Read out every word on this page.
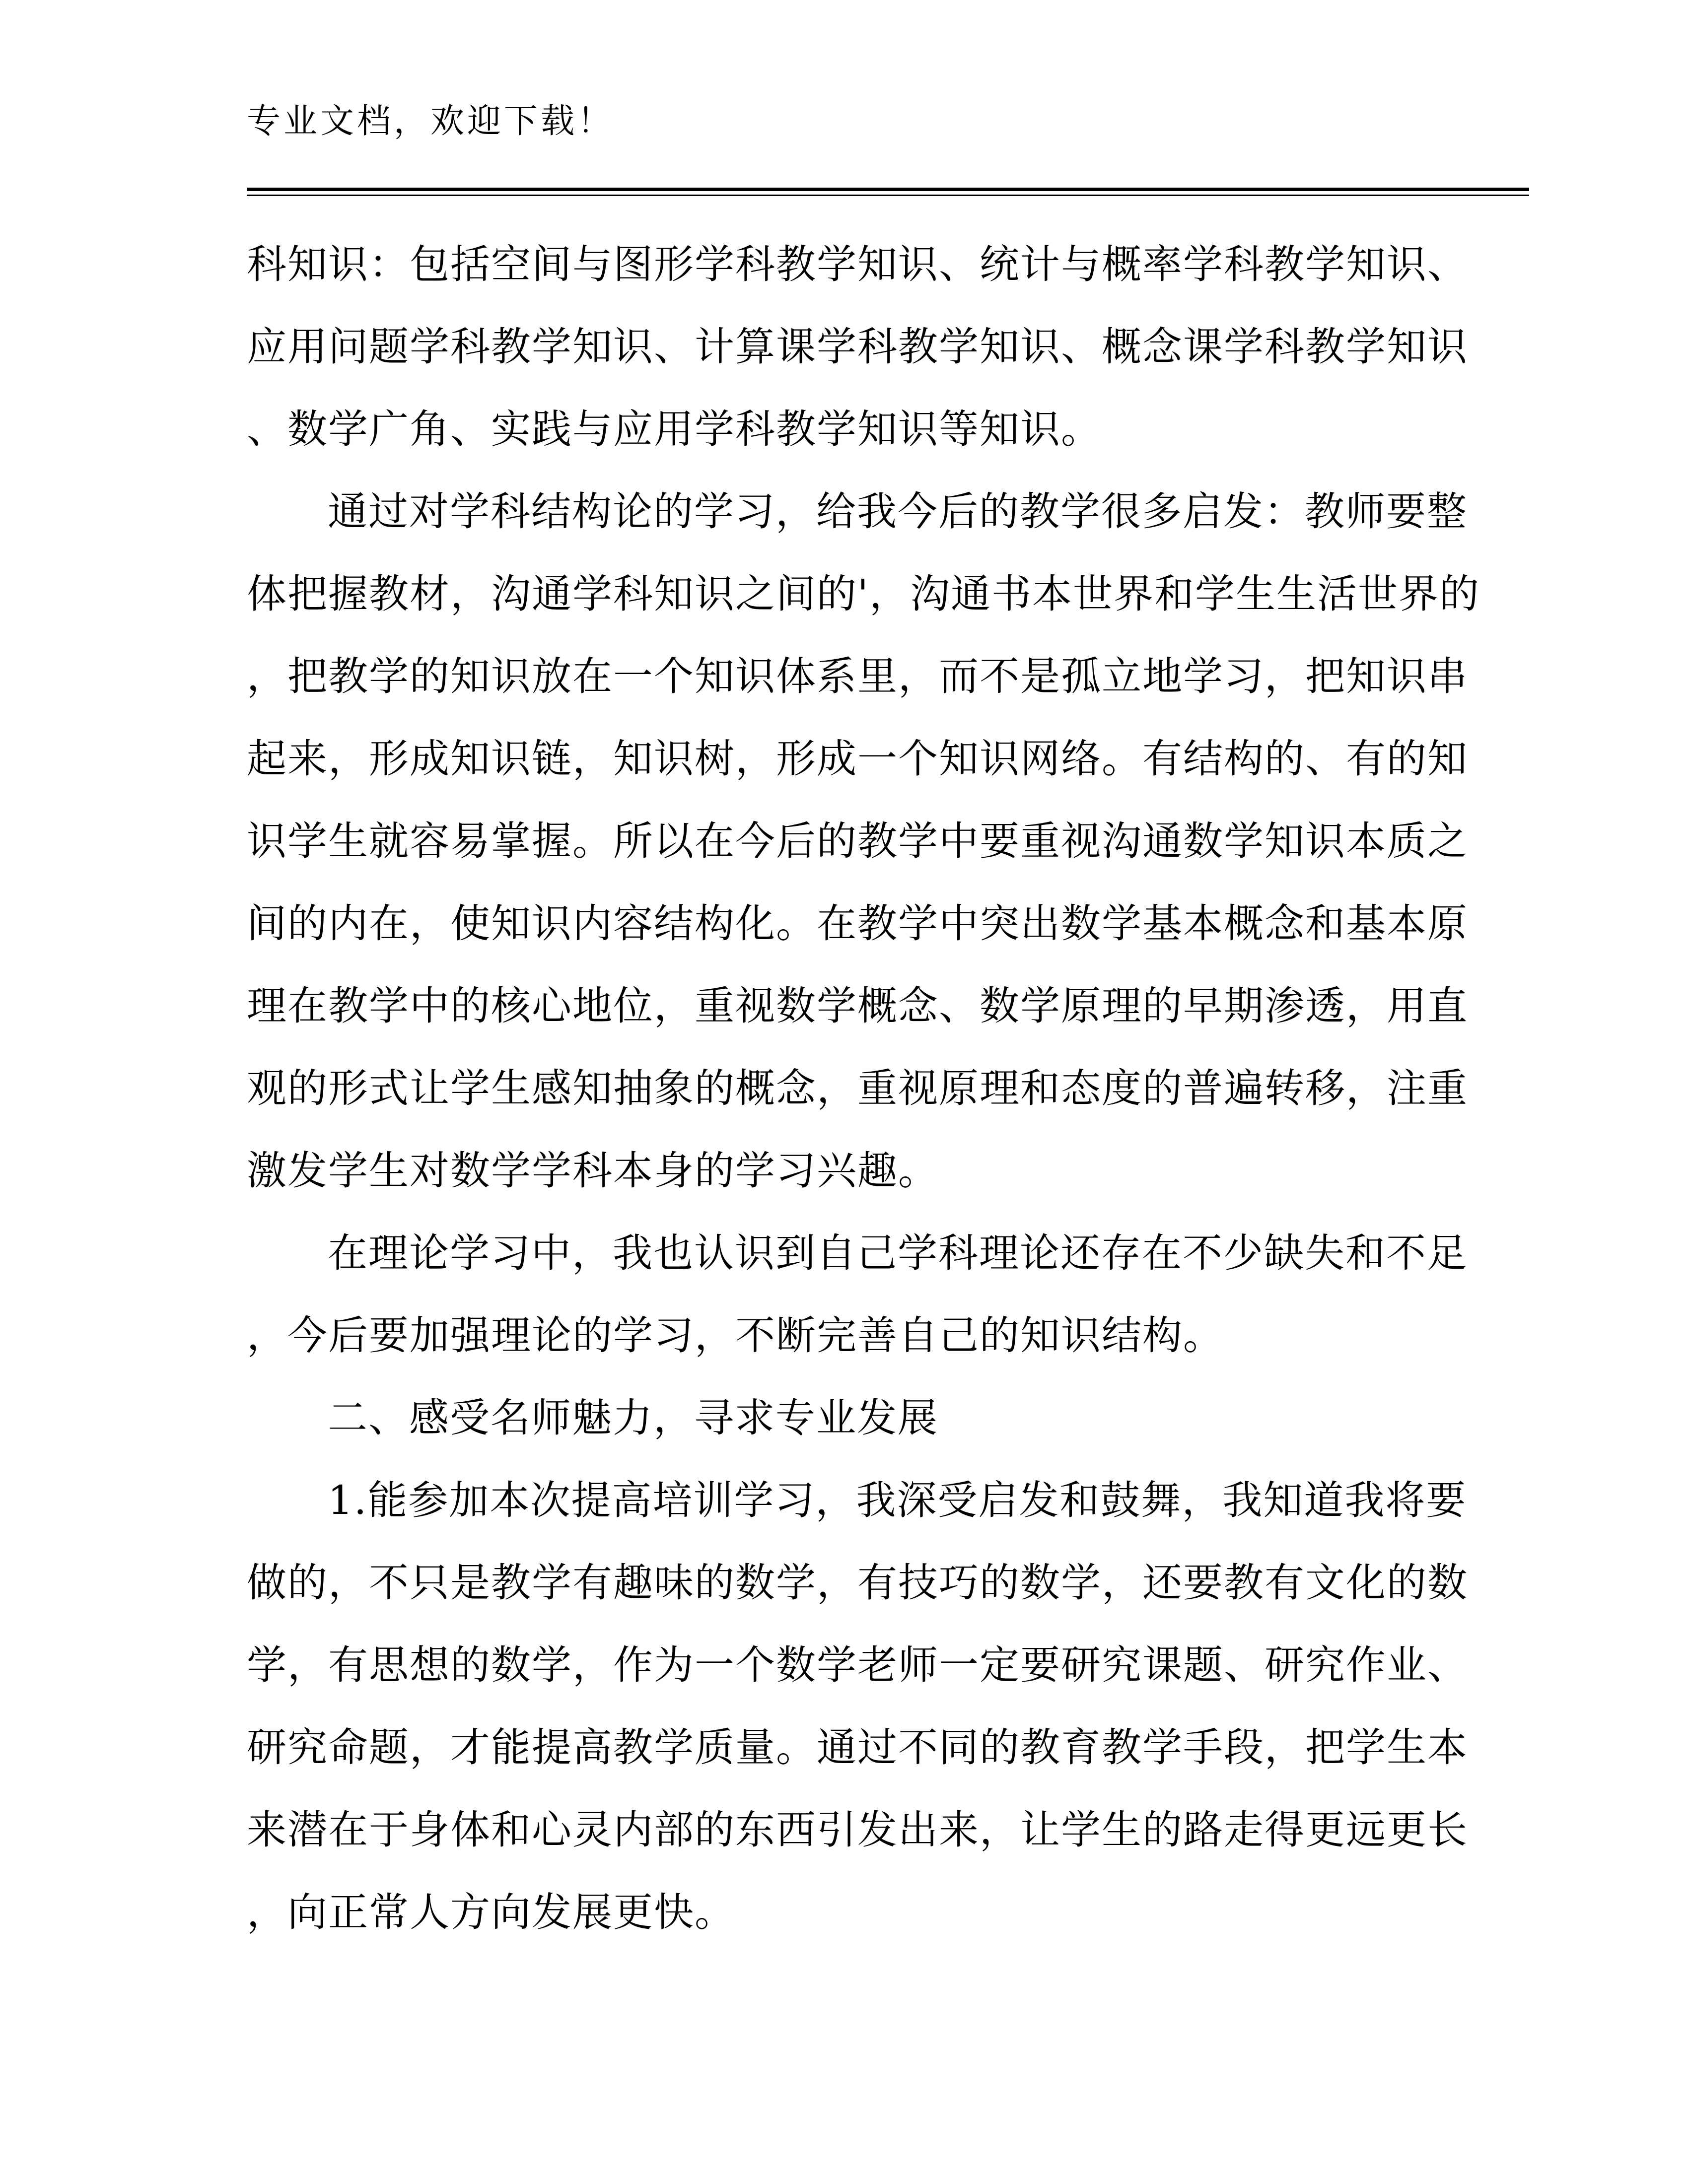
专业文档，欢迎下载！
科知识：包括空间与图形学科教学知识、统计与概率学科教学知识、
应用问题学科教学知识、计算课学科教学知识、概念课学科教学知识
、数学广角、实践与应用学科教学知识等知识。
通过对学科结构论的学习，给我今后的教学很多启发：教师要整
体把握教材，沟通学科知识之间的'，沟通书本世界和学生生活世界的
，把教学的知识放在一个知识体系里，而不是孤立地学习，把知识串
起来，形成知识链，知识树，形成一个知识网络。有结构的、有的知
识学生就容易掌握。所以在今后的教学中要重视沟通数学知识本质之
间的内在，使知识内容结构化。在教学中突出数学基本概念和基本原
理在教学中的核心地位，重视数学概念、数学原理的早期渗透，用直
观的形式让学生感知抽象的概念，重视原理和态度的普遍转移，注重
激发学生对数学学科本身的学习兴趣。
在理论学习中，我也认识到自己学科理论还存在不少缺失和不足
，今后要加强理论的学习，不断完善自己的知识结构。
二、感受名师魅力，寻求专业发展
1.能参加本次提高培训学习，我深受启发和鼓舞，我知道我将要
做的，不只是教学有趣味的数学，有技巧的数学，还要教有文化的数
学，有思想的数学，作为一个数学老师一定要研究课题、研究作业、
研究命题，才能提高教学质量。通过不同的教育教学手段，把学生本
来潜在于身体和心灵内部的东西引发出来，让学生的路走得更远更长
，向正常人方向发展更快。
